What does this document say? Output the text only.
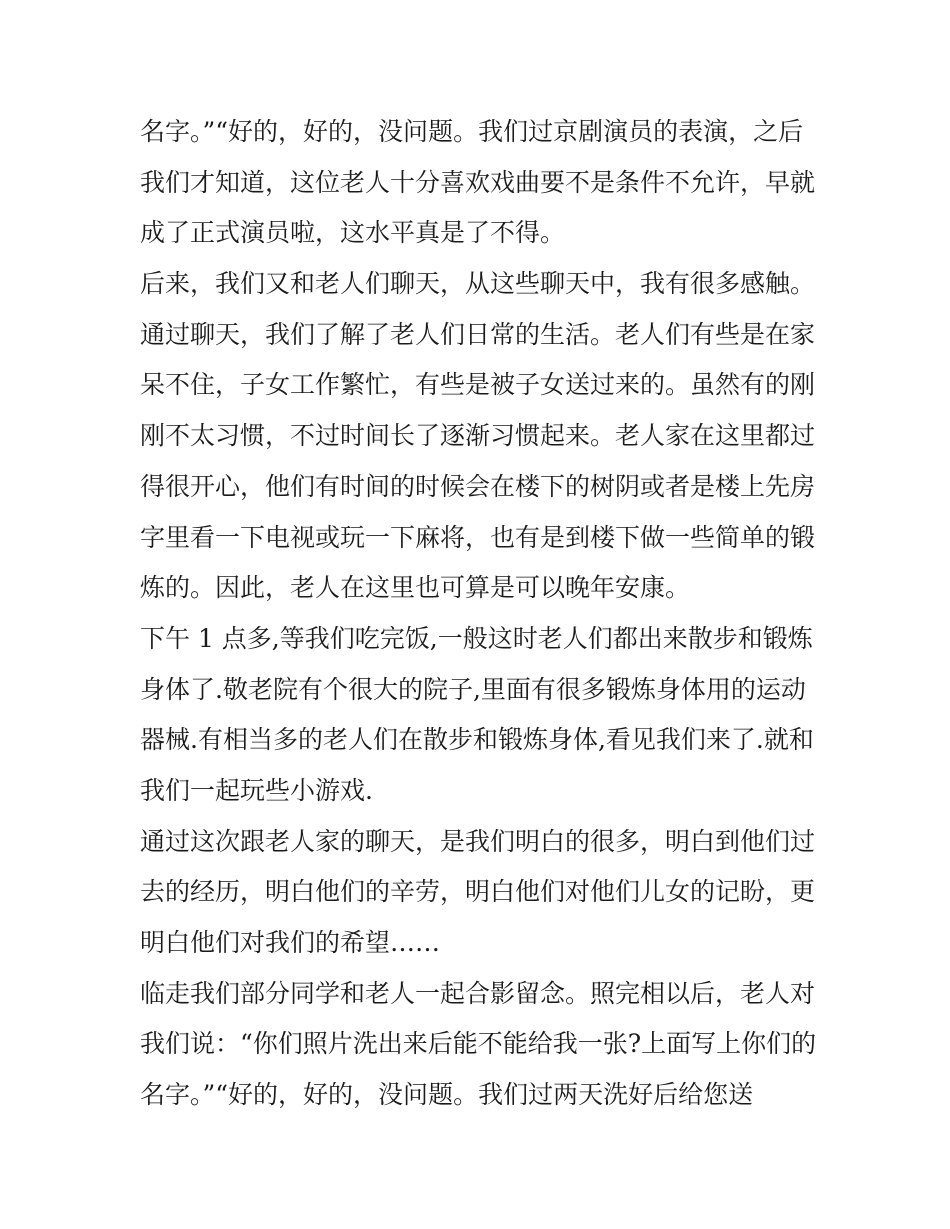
名字。”“好的，好的，没问题。我们过京剧演员的表演，之后
我们才知道，这位老人十分喜欢戏曲要不是条件不允许，早就
成了正式演员啦，这水平真是了不得。
后来，我们又和老人们聊天，从这些聊天中，我有很多感触。
通过聊天，我们了解了老人们日常的生活。老人们有些是在家
呆不住，子女工作繁忙，有些是被子女送过来的。虽然有的刚
刚不太习惯，不过时间长了逐渐习惯起来。老人家在这里都过
得很开心，他们有时间的时候会在楼下的树阴或者是楼上先房
字里看一下电视或玩一下麻将，也有是到楼下做一些简单的锻
炼的。因此，老人在这里也可算是可以晚年安康。
下午 1 点多,等我们吃完饭,一般这时老人们都出来散步和锻炼
身体了.敬老院有个很大的院子,里面有很多锻炼身体用的运动
器械.有相当多的老人们在散步和锻炼身体,看见我们来了.就和
我们一起玩些小游戏.
通过这次跟老人家的聊天，是我们明白的很多，明白到他们过
去的经历，明白他们的辛劳，明白他们对他们儿女的记盼，更
明白他们对我们的希望……
临走我们部分同学和老人一起合影留念。照完相以后，老人对
我们说：“你们照片洗出来后能不能给我一张?上面写上你们的
名字。”“好的，好的，没问题。我们过两天洗好后给您送
